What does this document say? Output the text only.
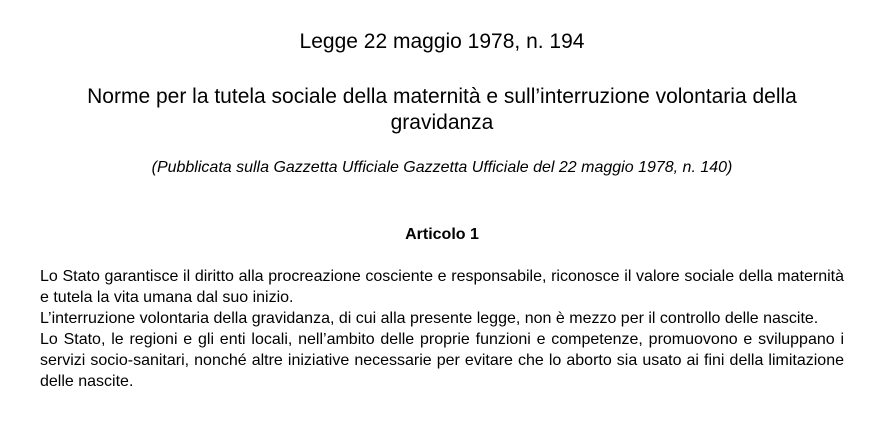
Legge 22 maggio 1978, n. 194
Norme per la tutela sociale della maternità e sull’interruzione volontaria della gravidanza

(Pubblicata sulla Gazzetta Ufficiale Gazzetta Ufficiale del 22 maggio 1978, n. 140)

Articolo 1

Lo Stato garantisce il diritto alla procreazione cosciente e responsabile, riconosce il valore sociale della maternità e tutela la vita umana dal suo inizio.

L’interruzione volontaria della gravidanza, di cui alla presente legge, non è mezzo per il controllo delle nascite.

Lo Stato, le regioni e gli enti locali, nell’ambito delle proprie funzioni e competenze, promuovono e sviluppano i servizi socio-sanitari, nonché altre iniziative necessarie per evitare che lo aborto sia usato ai fini della limitazione delle nascite.
